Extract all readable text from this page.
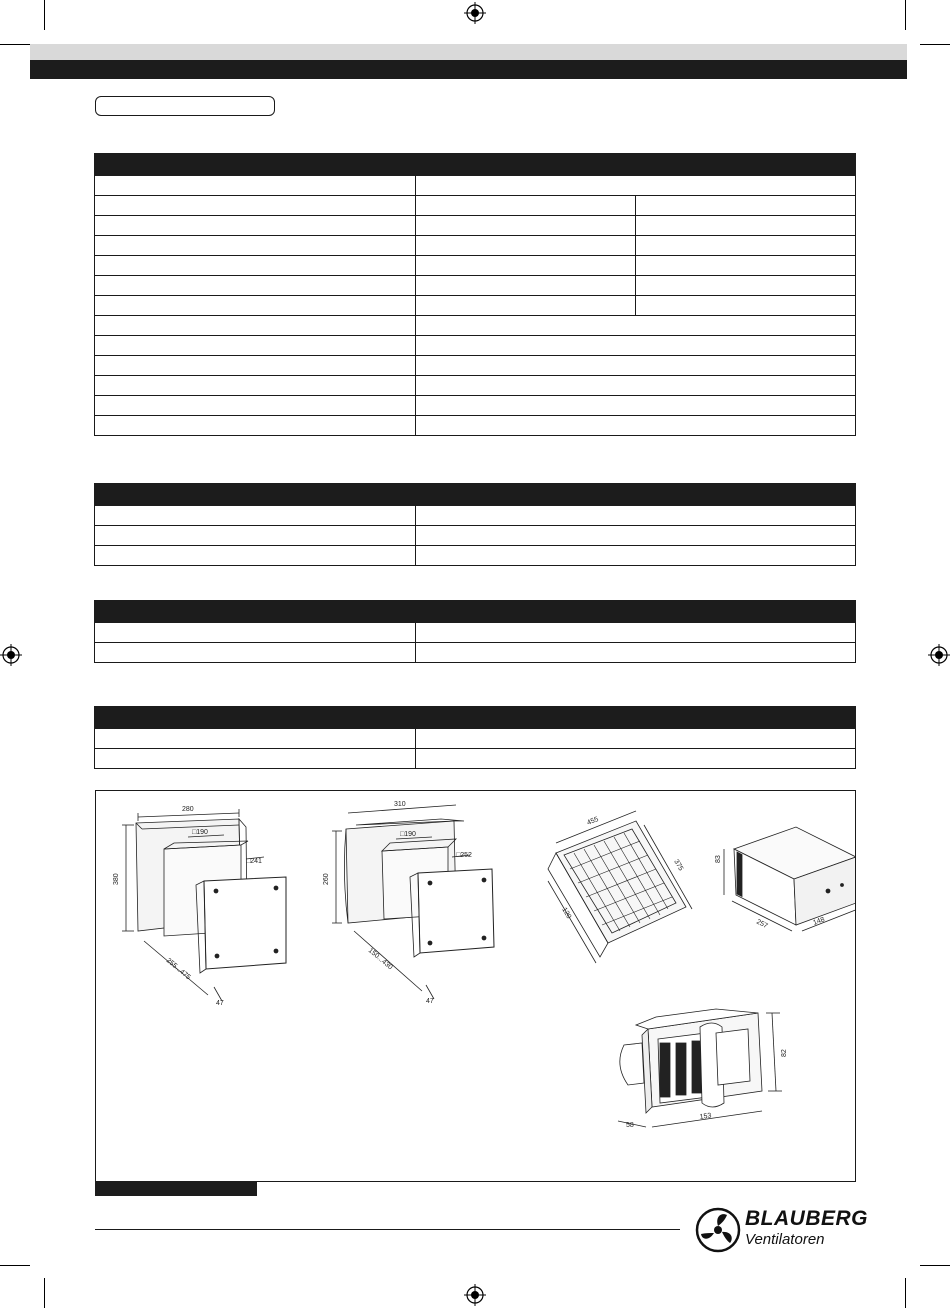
280
□190
□241
380
255...475
47
310
□190
□252
260
150...430
47
455
375
120
83
257	148
82
153
58
BLAUBERG
Ventilatoren
